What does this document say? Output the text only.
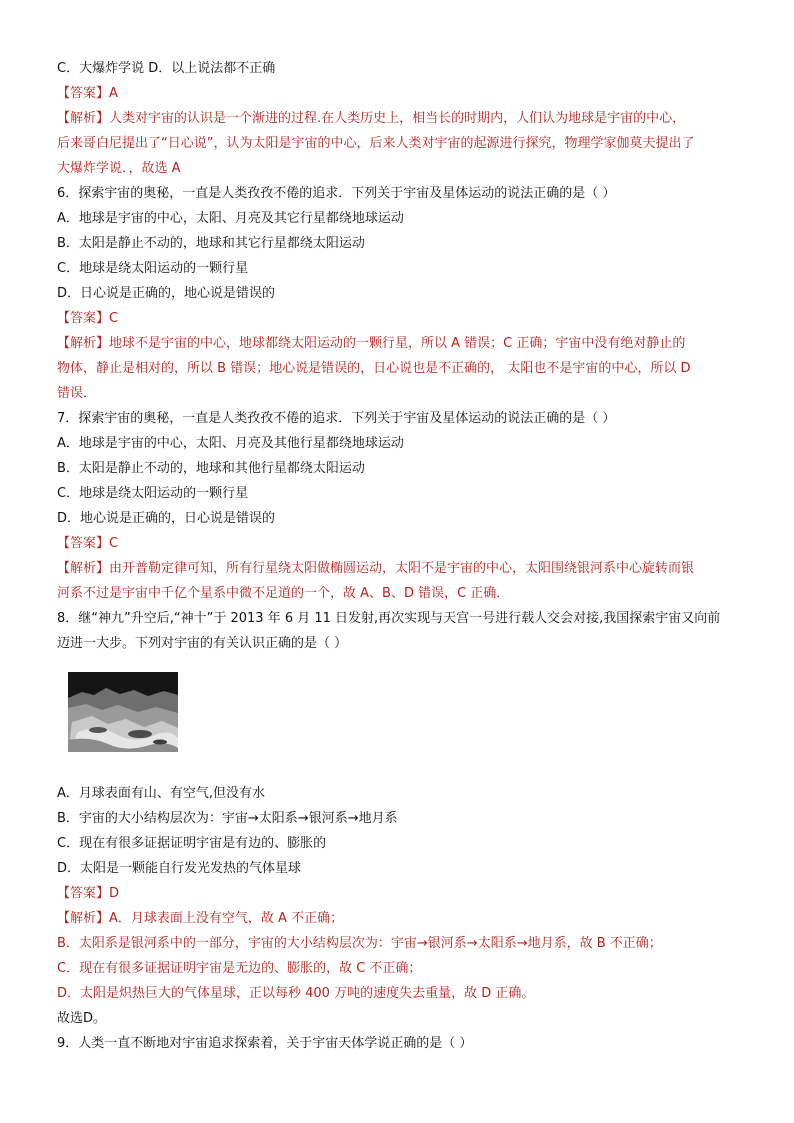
C．大爆炸学说 D．以上说法都不正确
【答案】A
【解析】人类对宇宙的认识是一个渐进的过程.在人类历史上，相当长的时期内，人们认为地球是宇宙的中心，
后来哥白尼提出了“日心说”，认为太阳是宇宙的中心，后来人类对宇宙的起源进行探究，物理学家伽莫夫提出了
大爆炸学说．，故选 A
6．探索宇宙的奥秘，一直是人类孜孜不倦的追求．下列关于宇宙及星体运动的说法正确的是（ ）
A．地球是宇宙的中心，太阳、月亮及其它行星都绕地球运动
B．太阳是静止不动的，地球和其它行星都绕太阳运动
C．地球是绕太阳运动的一颗行星
D．日心说是正确的，地心说是错误的
【答案】C
【解析】地球不是宇宙的中心，地球都绕太阳运动的一颗行星，所以 A 错误；C 正确；宇宙中没有绝对静止的
物体，静止是相对的，所以 B 错误；地心说是错误的，日心说也是不正确的， 太阳也不是宇宙的中心，所以 D
错误．
7．探索宇宙的奥秘，一直是人类孜孜不倦的追求．下列关于宇宙及星体运动的说法正确的是（ ）
A．地球是宇宙的中心，太阳、月亮及其他行星都绕地球运动
B．太阳是静止不动的，地球和其他行星都绕太阳运动
C．地球是绕太阳运动的一颗行星
D．地心说是正确的，日心说是错误的
【答案】C
【解析】由开普勒定律可知，所有行星绕太阳做椭圆运动，太阳不是宇宙的中心，太阳围绕银河系中心旋转而银
河系不过是宇宙中千亿个星系中微不足道的一个，故 A、B、D 错误，C 正确．
8．继“神九”升空后,“神十”于 2013 年 6 月 11 日发射,再次实现与天宫一号进行载人交会对接,我国探索宇宙又向前
迈进一大步。下列对宇宙的有关认识正确的是（ ）
A．月球表面有山、有空气,但没有水
B．宇宙的大小结构层次为：宇宙→太阳系→银河系→地月系
C．现在有很多证据证明宇宙是有边的、膨胀的
D．太阳是一颗能自行发光发热的气体星球
【答案】D
【解析】A．月球表面上没有空气，故 A 不正确；
B．太阳系是银河系中的一部分，宇宙的大小结构层次为：宇宙→银河系→太阳系→地月系，故 B 不正确；
C．现在有很多证据证明宇宙是无边的、膨胀的，故 C 不正确；
D．太阳是炽热巨大的气体星球，正以每秒 400 万吨的速度失去重量，故 D 正确。
故选D。
9．人类一直不断地对宇宙追求探索着，关于宇宙天体学说正确的是（ ）
